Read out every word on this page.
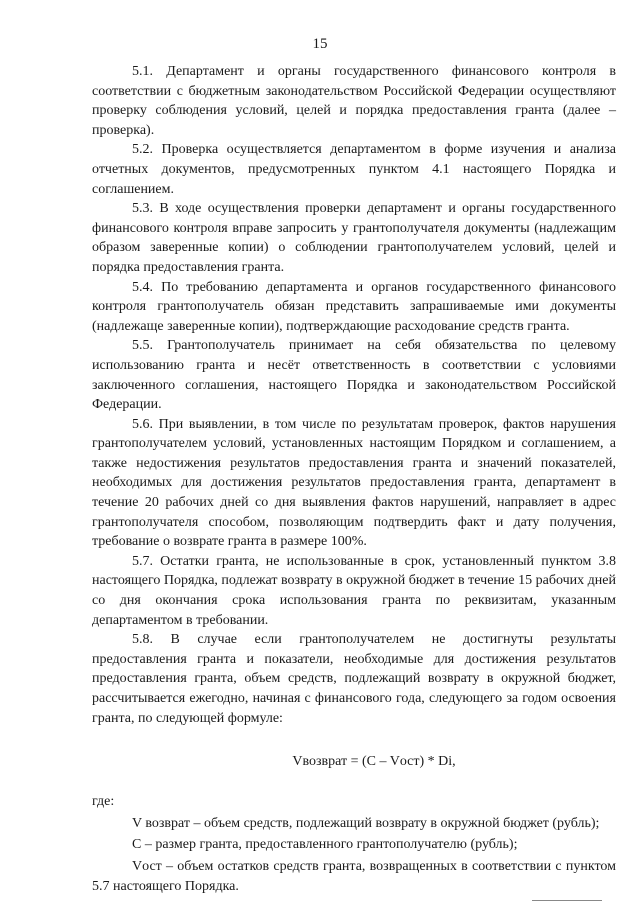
15

5.1. Департамент и органы государственного финансового контроля в соответствии с бюджетным законодательством Российской Федерации осуществляют проверку соблюдения условий, целей и порядка предоставления гранта (далее – проверка).

5.2. Проверка осуществляется департаментом в форме изучения и анализа отчетных документов, предусмотренных пунктом 4.1 настоящего Порядка и соглашением.

5.3. В ходе осуществления проверки департамент и органы государственного финансового контроля вправе запросить у грантополучателя документы (надлежащим образом заверенные копии) о соблюдении грантополучателем условий, целей и порядка предоставления гранта.

5.4. По требованию департамента и органов государственного финансового контроля грантополучатель обязан представить запрашиваемые ими документы (надлежаще заверенные копии), подтверждающие расходование средств гранта.

5.5. Грантополучатель принимает на себя обязательства по целевому использованию гранта и несёт ответственность в соответствии с условиями заключенного соглашения, настоящего Порядка и законодательством Российской Федерации.

5.6. При выявлении, в том числе по результатам проверок, фактов нарушения грантополучателем условий, установленных настоящим Порядком и соглашением, а также недостижения результатов предоставления гранта и значений показателей, необходимых для достижения результатов предоставления гранта, департамент в течение 20 рабочих дней со дня выявления фактов нарушений, направляет в адрес грантополучателя способом, позволяющим подтвердить факт и дату получения, требование о возврате гранта в размере 100%.

5.7. Остатки гранта, не использованные в срок, установленный пунктом 3.8 настоящего Порядка, подлежат возврату в окружной бюджет в течение 15 рабочих дней со дня окончания срока использования гранта по реквизитам, указанным департаментом в требовании.

5.8. В случае если грантополучателем не достигнуты результаты предоставления гранта и показатели, необходимые для достижения результатов предоставления гранта, объем средств, подлежащий возврату в окружной бюджет, рассчитывается ежегодно, начиная с финансового года, следующего за годом освоения гранта, по следующей формуле:

Vвозврат = (C – Vост) * Di,
где:

V возврат – объем средств, подлежащий возврату в окружной бюджет (рубль);

C – размер гранта, предоставленного грантополучателю (рубль);

Vост – объем остатков средств гранта, возвращенных в соответствии с пунктом 5.7 настоящего Порядка.
